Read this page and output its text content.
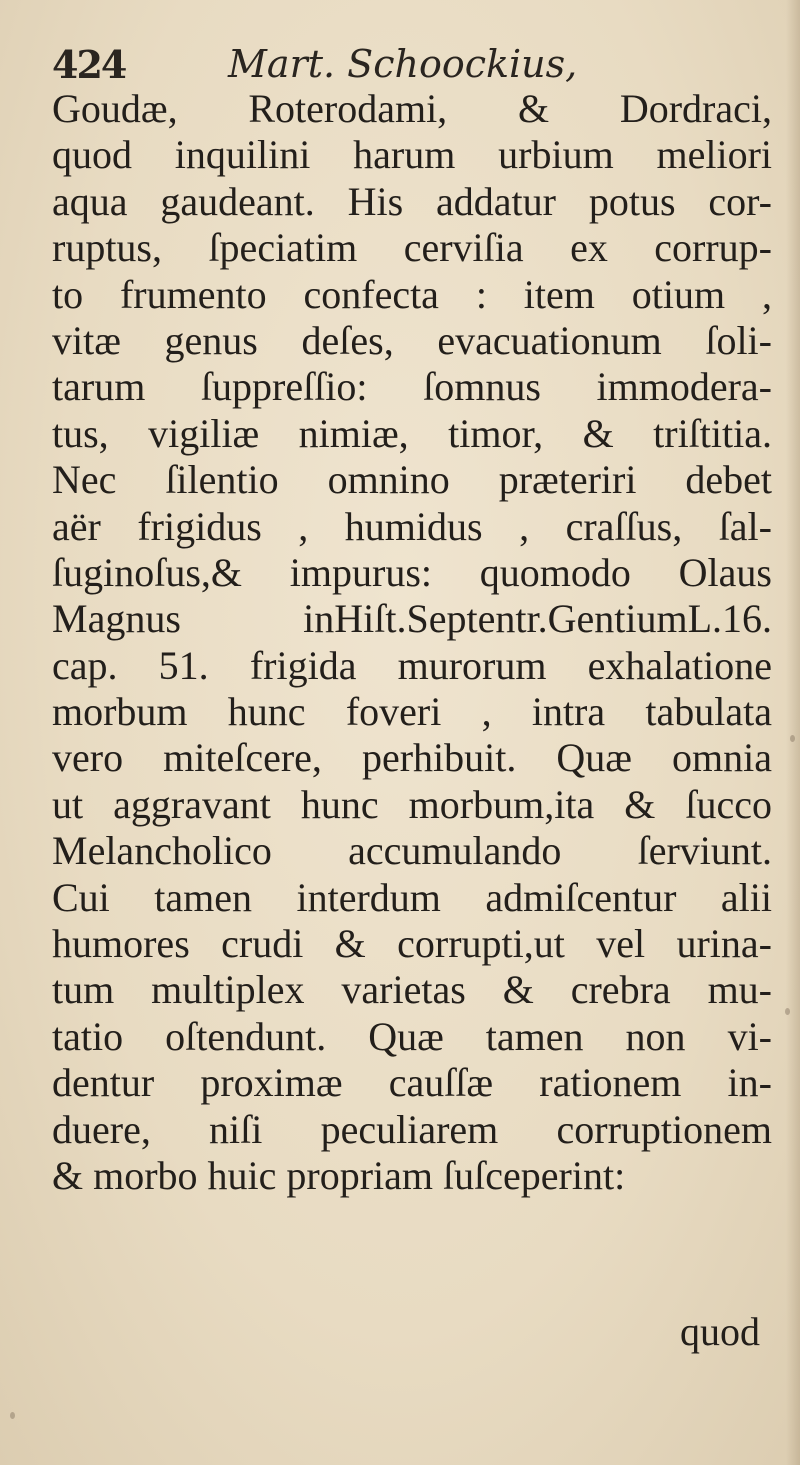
424	Mart. Schoockius,
Goudæ, Roterodami, & Dordraci,
quod inquilini harum urbium meliori
aqua gaudeant. His addatur potus cor-
ruptus, ſpeciatim cerviſia ex corrup-
to frumento confecta : item otium ,
vitæ genus deſes, evacuationum ſoli-
tarum ſuppreſſio: ſomnus immodera-
tus, vigiliæ nimiæ, timor, & triſtitia.
Nec ſilentio omnino præteriri debet
aër frigidus , humidus , craſſus, ſal-
ſuginoſus,& impurus: quomodo Olaus
Magnus inHiſt.Septentr.GentiumL.16.
cap. 51. frigida murorum exhalatione
morbum hunc foveri , intra tabulata
vero miteſcere, perhibuit. Quæ omnia
ut aggravant hunc morbum,ita & ſucco
Melancholico accumulando ſerviunt.
Cui tamen interdum admiſcentur alii
humores crudi & corrupti,ut vel urina-
tum multiplex varietas & crebra mu-
tatio oſtendunt. Quæ tamen non vi-
dentur proximæ cauſſæ rationem in-
duere, niſi peculiarem corruptionem
& morbo huic propriam ſuſceperint:
quod
